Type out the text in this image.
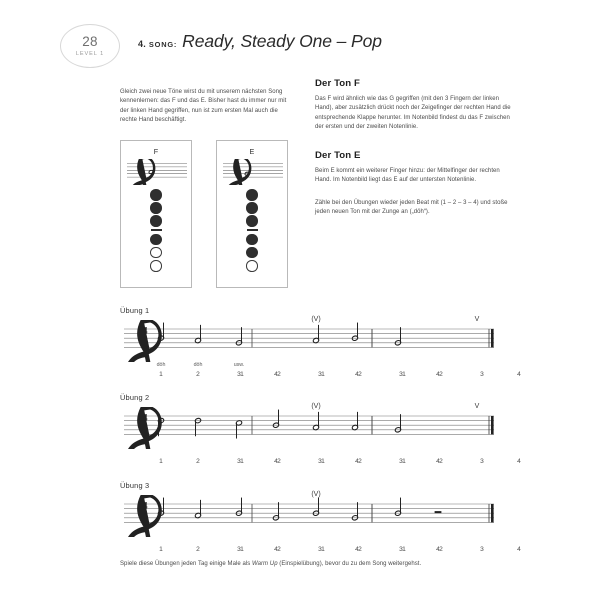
28
LEVEL 1
4. SONG: Ready, Steady One – Pop

Gleich zwei neue Töne wirst du mit unserem nächsten Song kennenlernen: das F und das E. Bisher hast du immer nur mit der linken Hand gegriffen, nun ist zum ersten Mal auch die rechte Hand beschäftigt.

Der Ton F

Das F wird ähnlich wie das G gegriffen (mit den 3 Fingern der linken Hand), aber zusätzlich drückt noch der Zeigefinger der rechten Hand die entsprechende Klappe herunter. Im Notenbild findest du das F zwischen der ersten und der zweiten Notenlinie.

Der Ton E

Beim E kommt ein weiterer Finger hinzu: der Mittelfinger der rechten Hand. Im Notenbild liegt das E auf der untersten Notenlinie.

Zähle bei den Übungen wieder jeden Beat mit (1 – 2 – 3 – 4) und stoße jeden neuen Ton mit der Zunge an („döh“).

F	E
Übung 1
4
4
(V)	V
döh	döh	usw.
1	2	3	4
1	2	3	4
1	2	3	4
1	2	3	4
Übung 2
4
4
(V)	V
1	2	3	4
1	2	3	4
1	2	3	4
1	2	3	4
Übung 3
4
4
(V)
1	2	3	4
1	2	3	4
1	2	3	4
1	2	3	4
Spiele diese Übungen jeden Tag einige Male als Warm Up (Einspielübung), bevor du zu dem Song weitergehst.
